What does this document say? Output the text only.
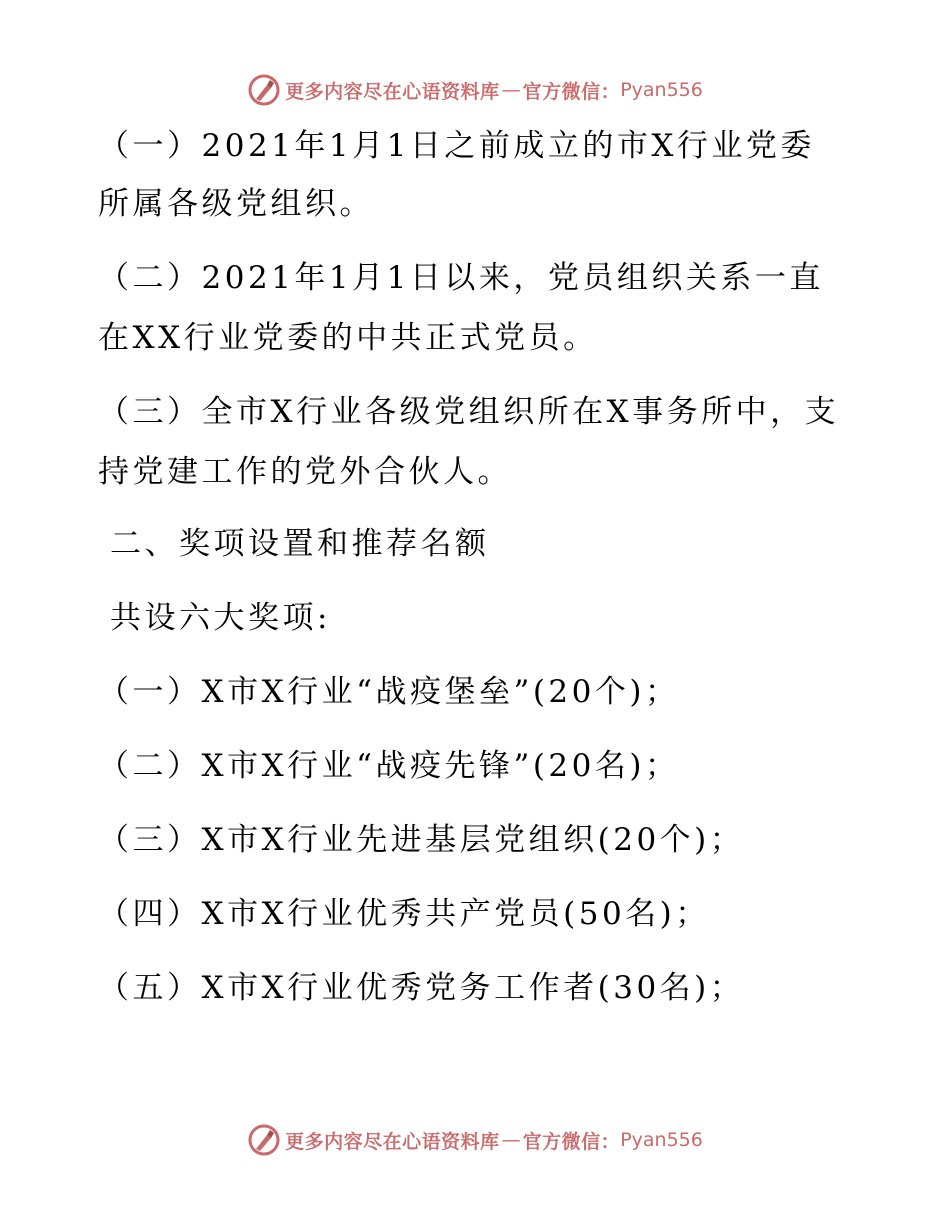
更多内容尽在心语资料库 — 官方微信： Pyan556
（一）2021年1月1日之前成立的市X行业党委
所属各级党组织。
（二）2021年1月1日以来，党员组织关系一直
在XX行业党委的中共正式党员。
（三）全市X行业各级党组织所在X事务所中，支
持党建工作的党外合伙人。
二、奖项设置和推荐名额
共设六大奖项:
（一）X市X行业“战疫堡垒”(20个)；
（二）X市X行业“战疫先锋”(20名)；
（三）X市X行业先进基层党组织(20个)；
（四）X市X行业优秀共产党员(50名)；
（五）X市X行业优秀党务工作者(30名)；
更多内容尽在心语资料库 — 官方微信： Pyan556
